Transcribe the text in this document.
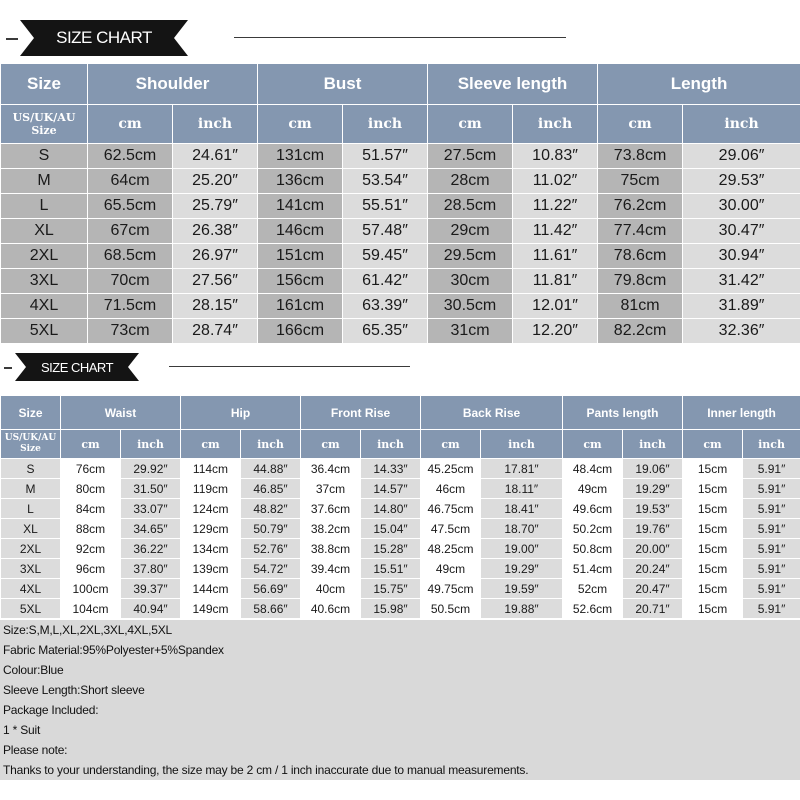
SIZE CHART
Size	Shoulder		Bust		Sleeve length		Length	
US/UK/AU Size	cm	inch	cm	inch	cm	inch	cm	inch
S	62.5cm	24.61″	131cm	51.57″	27.5cm	10.83″	73.8cm	29.06″
M	64cm	25.20″	136cm	53.54″	28cm	11.02″	75cm	29.53″
L	65.5cm	25.79″	141cm	55.51″	28.5cm	11.22″	76.2cm	30.00″
XL	67cm	26.38″	146cm	57.48″	29cm	11.42″	77.4cm	30.47″
2XL	68.5cm	26.97″	151cm	59.45″	29.5cm	11.61″	78.6cm	30.94″
3XL	70cm	27.56″	156cm	61.42″	30cm	11.81″	79.8cm	31.42″
4XL	71.5cm	28.15″	161cm	63.39″	30.5cm	12.01″	81cm	31.89″
5XL	73cm	28.74″	166cm	65.35″	31cm	12.20″	82.2cm	32.36″
SIZE CHART
Size	Waist		Hip		Front Rise		Back Rise		Pants length		Inner length	
US/UK/AU Size	cm	inch	cm	inch	cm	inch	cm	inch	cm	inch	cm	inch
S	76cm	29.92″	114cm	44.88″	36.4cm	14.33″	45.25cm	17.81″	48.4cm	19.06″	15cm	5.91″
M	80cm	31.50″	119cm	46.85″	37cm	14.57″	46cm	18.11″	49cm	19.29″	15cm	5.91″
L	84cm	33.07″	124cm	48.82″	37.6cm	14.80″	46.75cm	18.41″	49.6cm	19.53″	15cm	5.91″
XL	88cm	34.65″	129cm	50.79″	38.2cm	15.04″	47.5cm	18.70″	50.2cm	19.76″	15cm	5.91″
2XL	92cm	36.22″	134cm	52.76″	38.8cm	15.28″	48.25cm	19.00″	50.8cm	20.00″	15cm	5.91″
3XL	96cm	37.80″	139cm	54.72″	39.4cm	15.51″	49cm	19.29″	51.4cm	20.24″	15cm	5.91″
4XL	100cm	39.37″	144cm	56.69″	40cm	15.75″	49.75cm	19.59″	52cm	20.47″	15cm	5.91″
5XL	104cm	40.94″	149cm	58.66″	40.6cm	15.98″	50.5cm	19.88″	52.6cm	20.71″	15cm	5.91″
Size:S,M,L,XL,2XL,3XL,4XL,5XL
Fabric Material:95%Polyester+5%Spandex
Colour:Blue
Sleeve Length:Short sleeve
Package Included:
1 * Suit
Please note:
Thanks to your understanding, the size may be 2 cm / 1 inch inaccurate due to manual measurements.
